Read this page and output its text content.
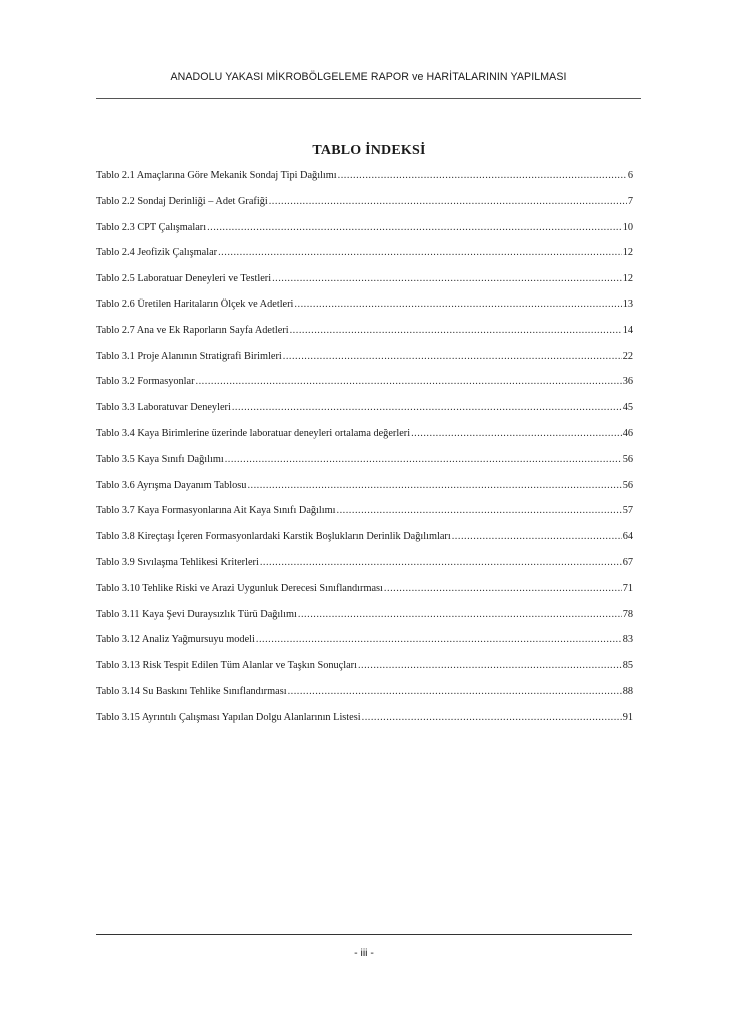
ANADOLU YAKASI MİKROBÖLGELEME RAPOR ve HARİTALARININ YAPILMASI
TABLO İNDEKSİ
Tablo 2.1 Amaçlarına Göre Mekanik Sondaj Tipi Dağılımı .....	6
Tablo 2.2 Sondaj Derinliği – Adet Grafiği .....	7
Tablo 2.3 CPT Çalışmaları .....	10
Tablo 2.4 Jeofizik Çalışmalar .....	12
Tablo 2.5 Laboratuar Deneyleri ve Testleri .....	12
Tablo 2.6 Üretilen Haritaların Ölçek ve Adetleri .....	13
Tablo 2.7 Ana ve Ek Raporların Sayfa Adetleri .....	14
Tablo 3.1 Proje Alanının Stratigrafi Birimleri .....	22
Tablo 3.2 Formasyonlar .....	36
Tablo 3.3 Laboratuvar Deneyleri .....	45
Tablo 3.4 Kaya Birimlerine üzerinde laboratuar deneyleri ortalama değerleri .....	46
Tablo 3.5 Kaya Sınıfı Dağılımı .....	56
Tablo 3.6 Ayrışma Dayanım Tablosu .....	56
Tablo 3.7 Kaya Formasyonlarına Ait Kaya Sınıfı Dağılımı .....	57
Tablo 3.8 Kireçtaşı İçeren Formasyonlardaki Karstik Boşlukların Derinlik Dağılımları .....	64
Tablo 3.9 Sıvılaşma Tehlikesi Kriterleri .....	67
Tablo 3.10 Tehlike Riski ve Arazi Uygunluk Derecesi Sınıflandırması .....	71
Tablo 3.11 Kaya Şevi Duraysızlık Türü Dağılımı .....	78
Tablo 3.12 Analiz Yağmursuyu modeli .....	83
Tablo 3.13 Risk Tespit Edilen Tüm Alanlar ve Taşkın Sonuçları .....	85
Tablo 3.14 Su Baskını Tehlike Sınıflandırması .....	88
Tablo 3.15 Ayrıntılı Çalışması Yapılan Dolgu Alanlarının Listesi .....	91
- iii -
